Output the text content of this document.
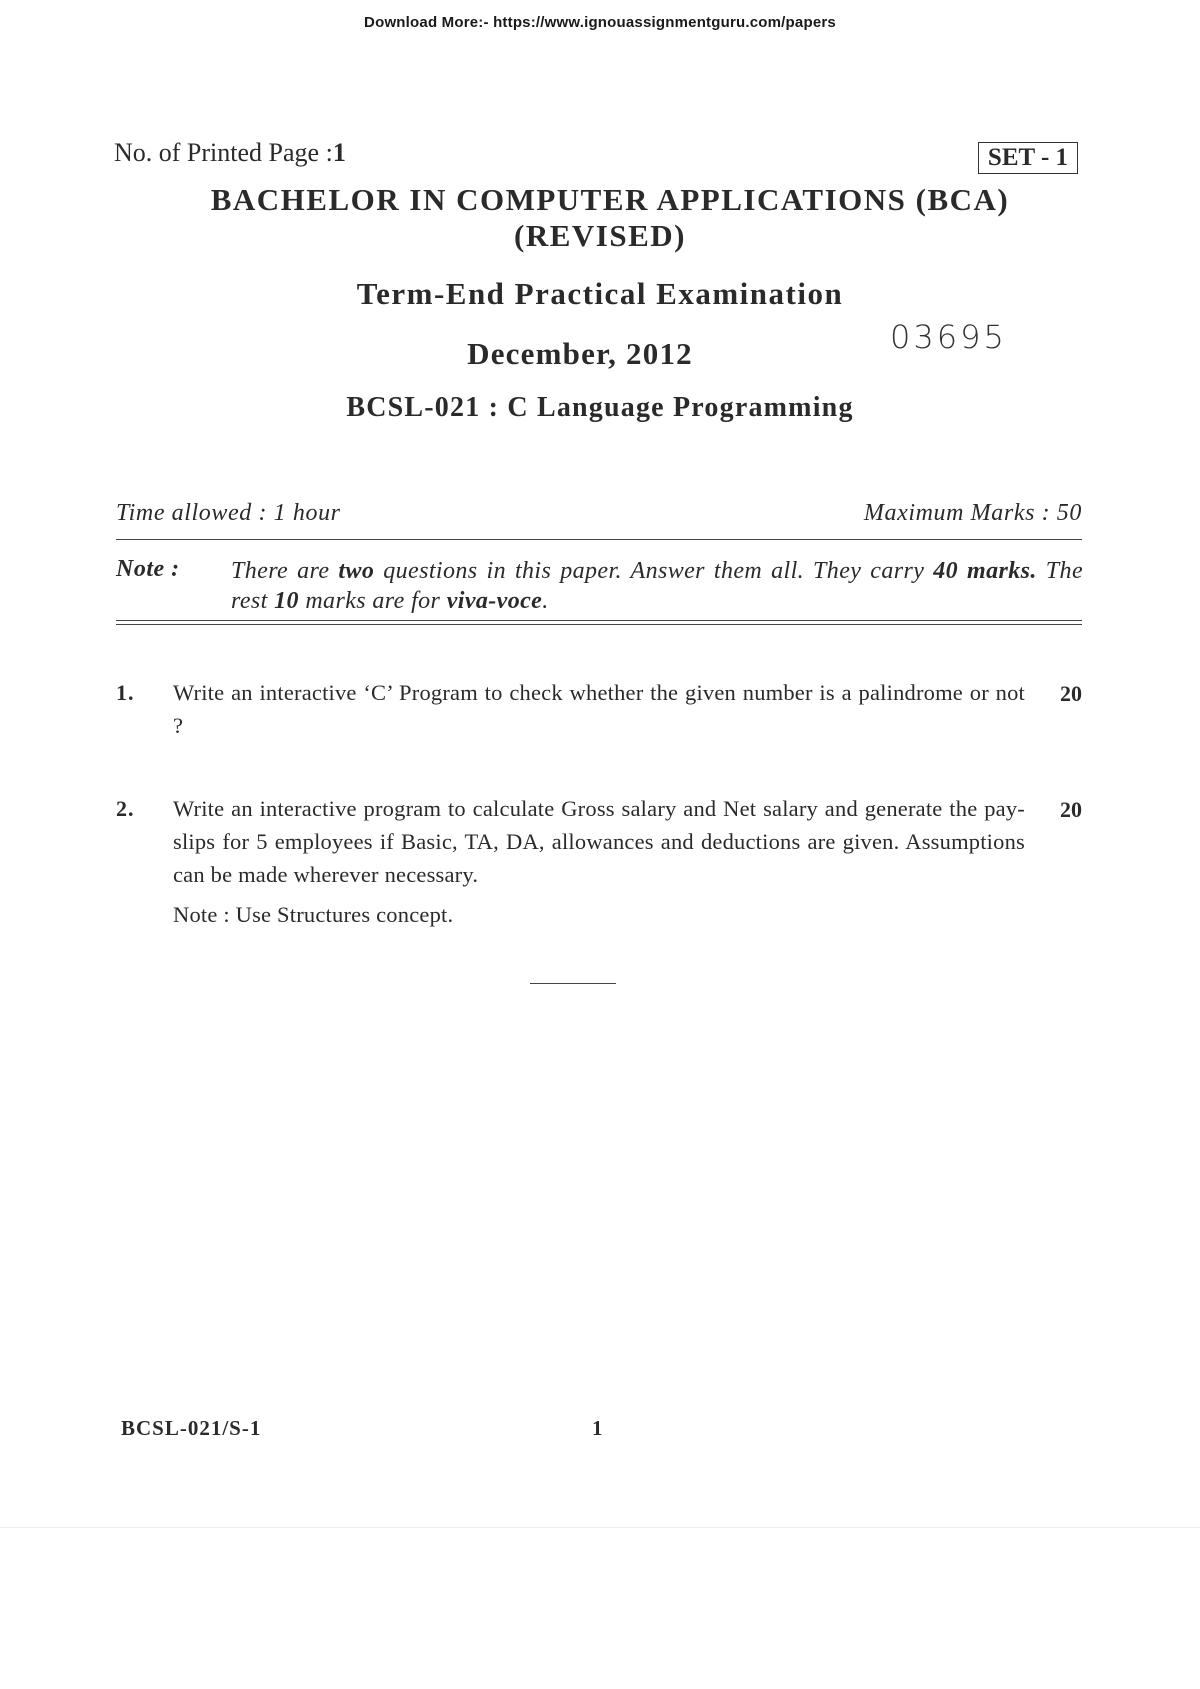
Download More:- https://www.ignouassignmentguru.com/papers
No. of Printed Page :1	SET - 1
BACHELOR IN COMPUTER APPLICATIONS (BCA)
(REVISED)
Term-End Practical Examination
December, 2012	03695
BCSL-021 : C Language Programming
Time allowed : 1 hour	Maximum Marks : 50
Note : There are two questions in this paper. Answer them all. They carry 40 marks. The rest 10 marks are for viva-voce.
1. Write an interactive ‘C’ Program to check whether the given number is a palindrome or not ?
20
2. Write an interactive program to calculate Gross salary and Net salary and generate the pay-slips for 5 employees if Basic, TA, DA, allowances and deductions are given. Assumptions can be made wherever necessary.
20
Note : Use Structures concept.
BCSL-021/S-1	1
